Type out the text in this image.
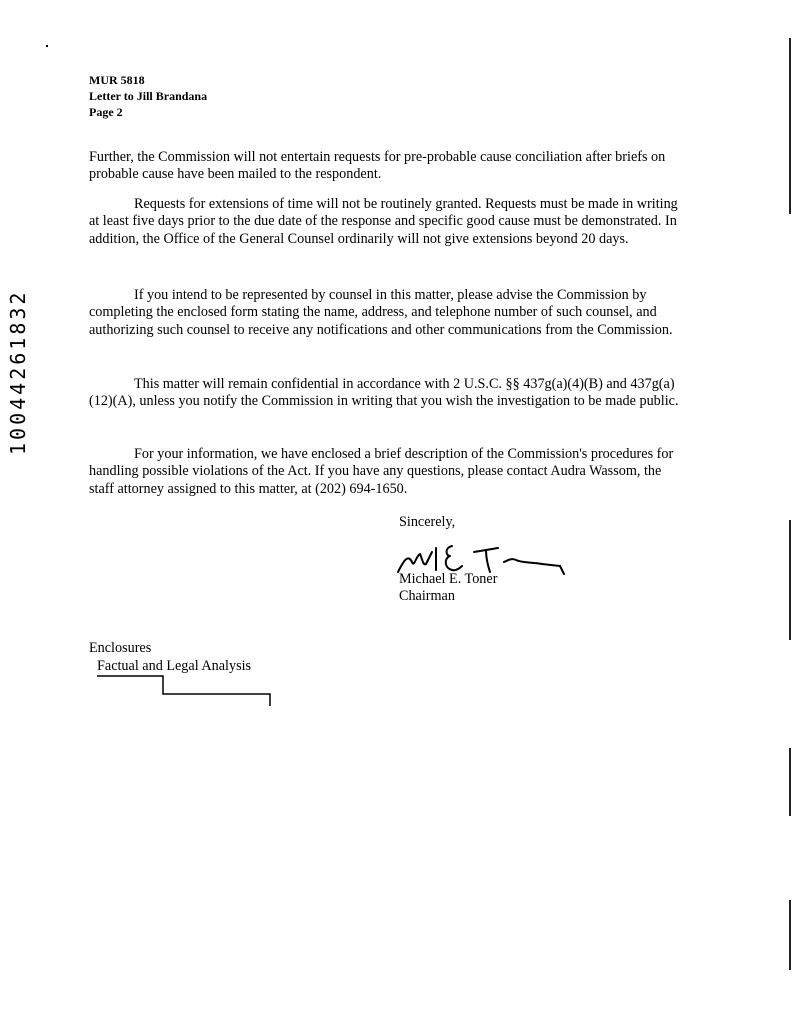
MUR 5818
Letter to Jill Brandana
Page 2

Further, the Commission will not entertain requests for pre-probable cause conciliation after briefs on probable cause have been mailed to the respondent.

Requests for extensions of time will not be routinely granted. Requests must be made in writing at least five days prior to the due date of the response and specific good cause must be demonstrated. In addition, the Office of the General Counsel ordinarily will not give extensions beyond 20 days.

If you intend to be represented by counsel in this matter, please advise the Commission by completing the enclosed form stating the name, address, and telephone number of such counsel, and authorizing such counsel to receive any notifications and other communications from the Commission.

This matter will remain confidential in accordance with 2 U.S.C. §§ 437g(a)(4)(B) and 437g(a)(12)(A), unless you notify the Commission in writing that you wish the investigation to be made public.

For your information, we have enclosed a brief description of the Commission's procedures for handling possible violations of the Act. If you have any questions, please contact Audra Wassom, the staff attorney assigned to this matter, at (202) 694-1650.

Sincerely,
Michael E. Toner
Chairman
Enclosures
Factual and Legal Analysis
10044261832
